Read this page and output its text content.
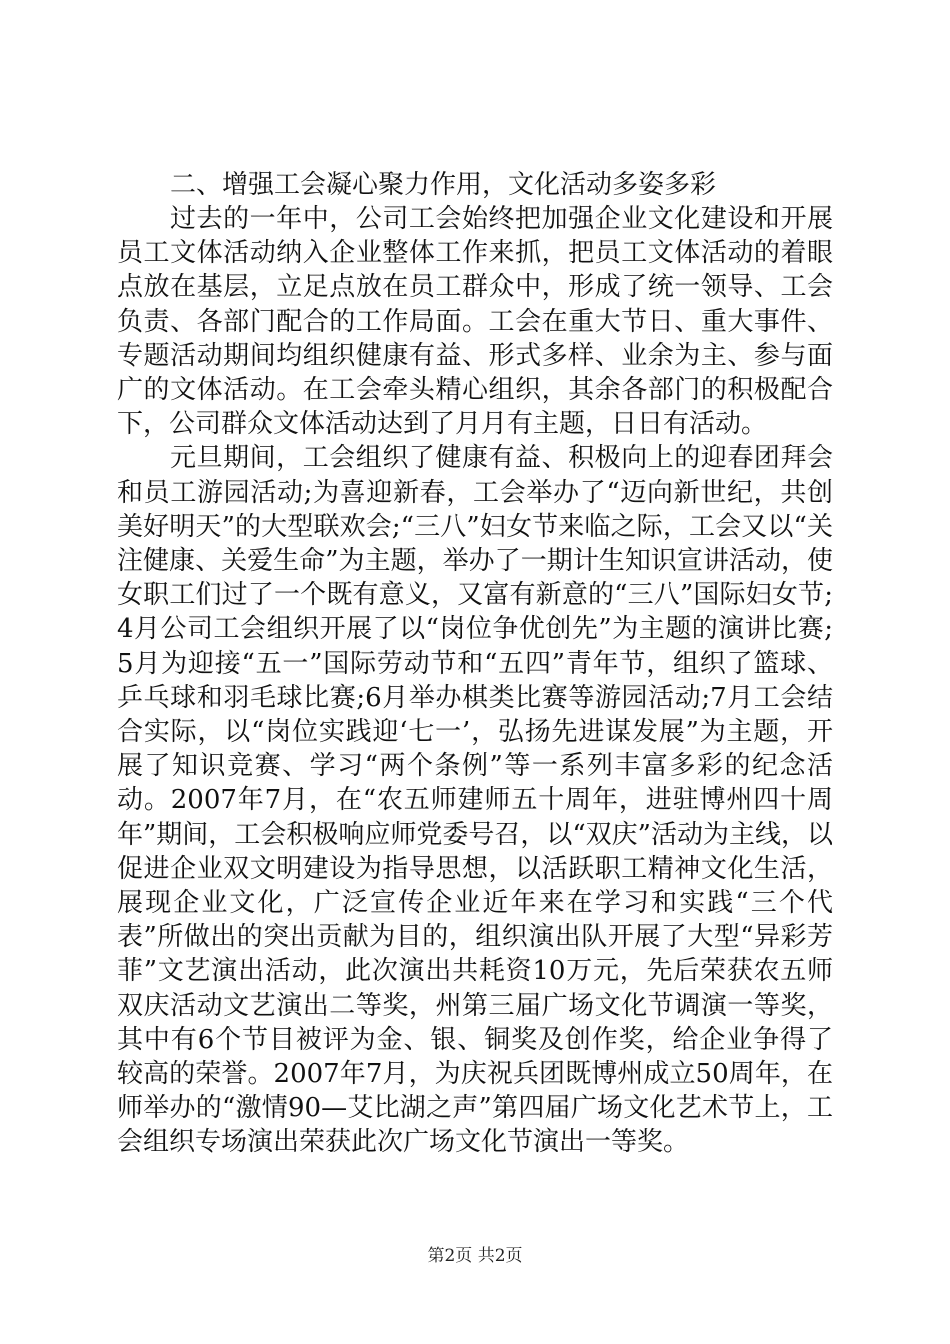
二、增强工会凝心聚力作用，文化活动多姿多彩

过去的一年中，公司工会始终把加强企业文化建设和开展员工文体活动纳入企业整体工作来抓，把员工文体活动的着眼点放在基层，立足点放在员工群众中，形成了统一领导、工会负责、各部门配合的工作局面。工会在重大节日、重大事件、专题活动期间均组织健康有益、形式多样、业余为主、参与面广的文体活动。在工会牵头精心组织，其余各部门的积极配合下，公司群众文体活动达到了月月有主题，日日有活动。

元旦期间，工会组织了健康有益、积极向上的迎春团拜会和员工游园活动;为喜迎新春，工会举办了“迈向新世纪，共创美好明天”的大型联欢会;“三八”妇女节来临之际，工会又以“关注健康、关爱生命”为主题，举办了一期计生知识宣讲活动，使女职工们过了一个既有意义，又富有新意的“三八”国际妇女节;4月公司工会组织开展了以“岗位争优创先”为主题的演讲比赛;5月为迎接“五一”国际劳动节和“五四”青年节，组织了篮球、乒乓球和羽毛球比赛;6月举办棋类比赛等游园活动;7月工会结合实际，以“岗位实践迎‘七一’，弘扬先进谋发展”为主题，开展了知识竞赛、学习“两个条例”等一系列丰富多彩的纪念活动。2007年7月，在“农五师建师五十周年，进驻博州四十周年”期间，工会积极响应师党委号召，以“双庆”活动为主线，以促进企业双文明建设为指导思想，以活跃职工精神文化生活，展现企业文化，广泛宣传企业近年来在学习和实践“三个代表”所做出的突出贡献为目的，组织演出队开展了大型“异彩芳菲”文艺演出活动，此次演出共耗资10万元，先后荣获农五师双庆活动文艺演出二等奖，州第三届广场文化节调演一等奖，其中有6个节目被评为金、银、铜奖及创作奖，给企业争得了较高的荣誉。2007年7月，为庆祝兵团既博州成立50周年，在师举办的“激情90—艾比湖之声”第四届广场文化艺术节上，工会组织专场演出荣获此次广场文化节演出一等奖。

第2页 共2页
